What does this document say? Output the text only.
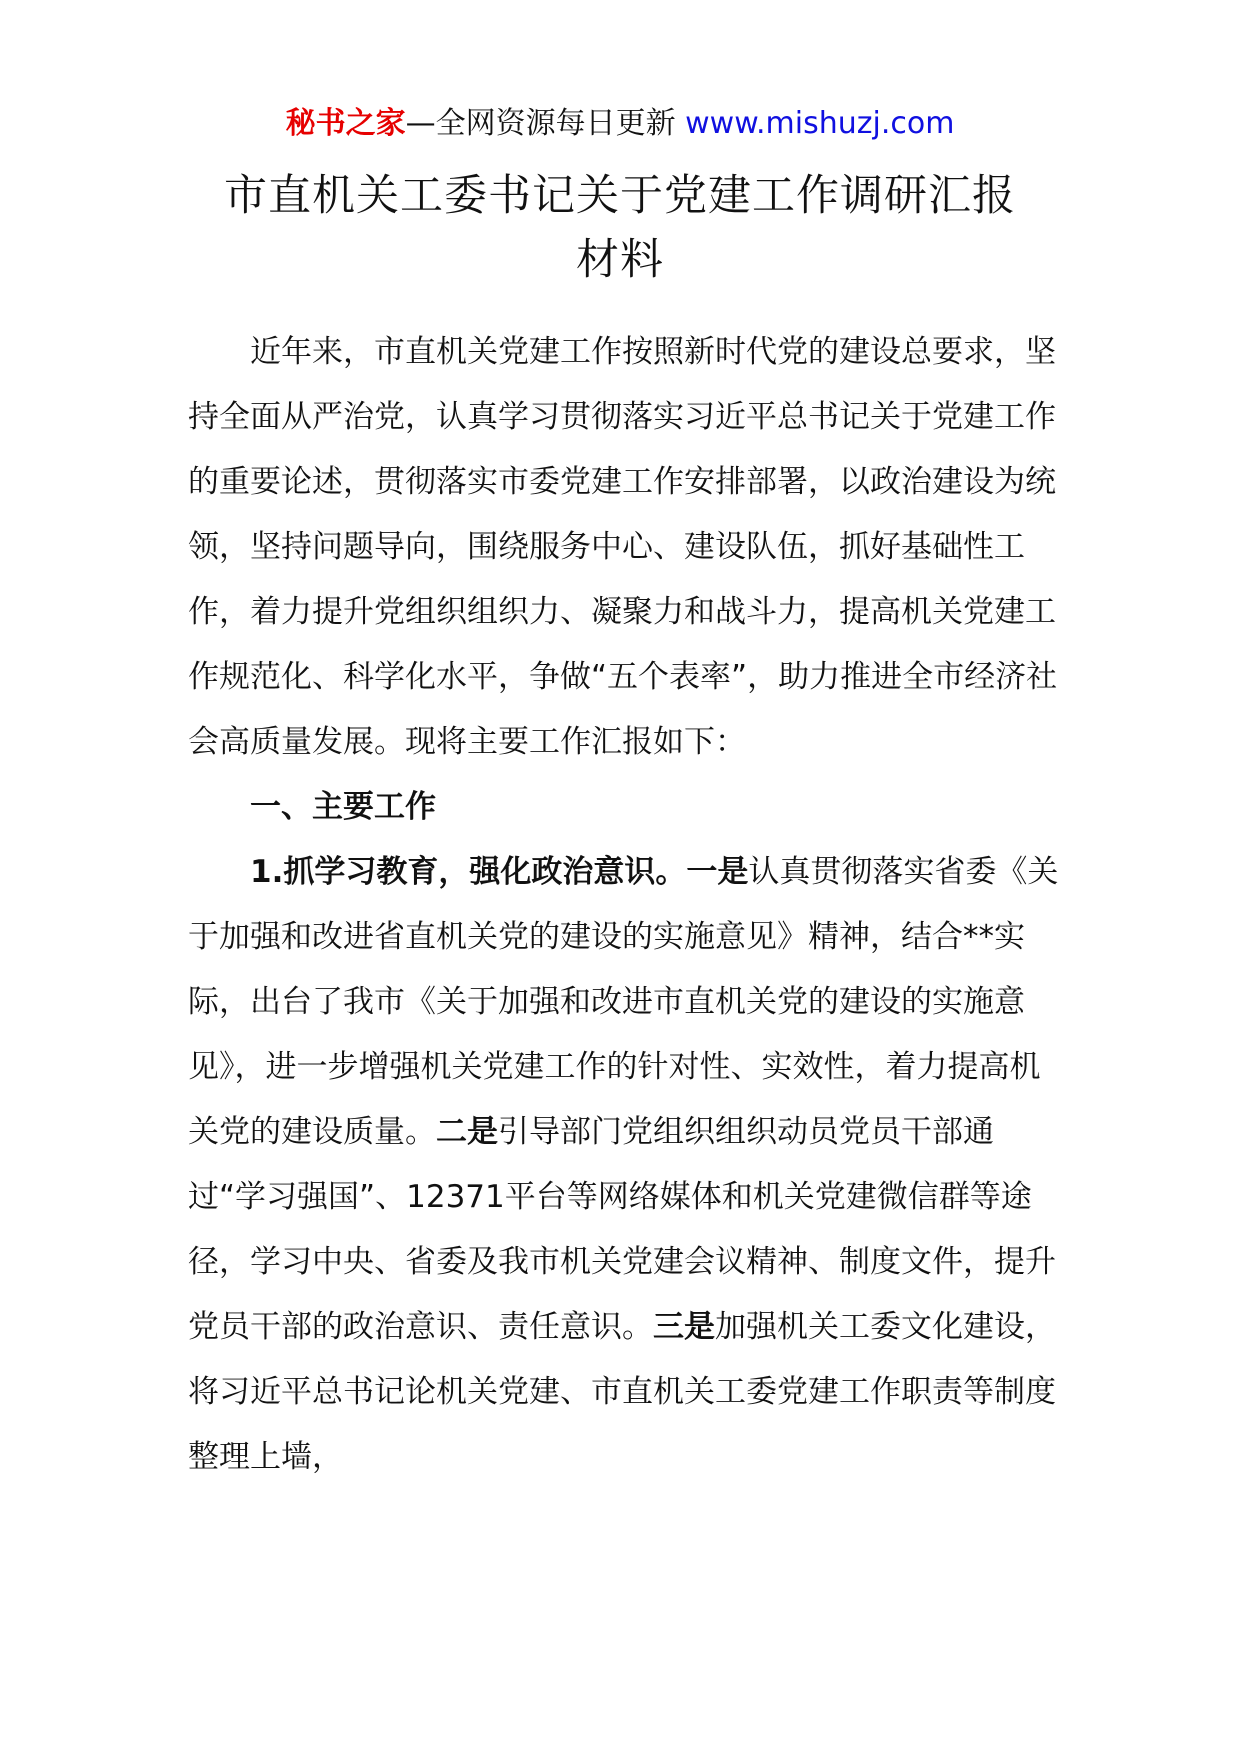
秘书之家—全网资源每日更新 www.mishuzj.com
市直机关工委书记关于党建工作调研汇报
材料

近年来，市直机关党建工作按照新时代党的建设总要求，坚持全面从严治党，认真学习贯彻落实习近平总书记关于党建工作的重要论述，贯彻落实市委党建工作安排部署，以政治建设为统领，坚持问题导向，围绕服务中心、建设队伍，抓好基础性工作，着力提升党组织组织力、凝聚力和战斗力，提高机关党建工作规范化、科学化水平，争做“五个表率”，助力推进全市经济社会高质量发展。现将主要工作汇报如下：

一、主要工作

1.抓学习教育，强化政治意识。一是认真贯彻落实省委《关于加强和改进省直机关党的建设的实施意见》精神，结合**实际，出台了我市《关于加强和改进市直机关党的建设的实施意见》，进一步增强机关党建工作的针对性、实效性，着力提高机关党的建设质量。二是引导部门党组织组织动员党员干部通过“学习强国”、12371平台等网络媒体和机关党建微信群等途径，学习中央、省委及我市机关党建会议精神、制度文件，提升党员干部的政治意识、责任意识。三是加强机关工委文化建设，将习近平总书记论机关党建、市直机关工委党建工作职责等制度整理上墙，
